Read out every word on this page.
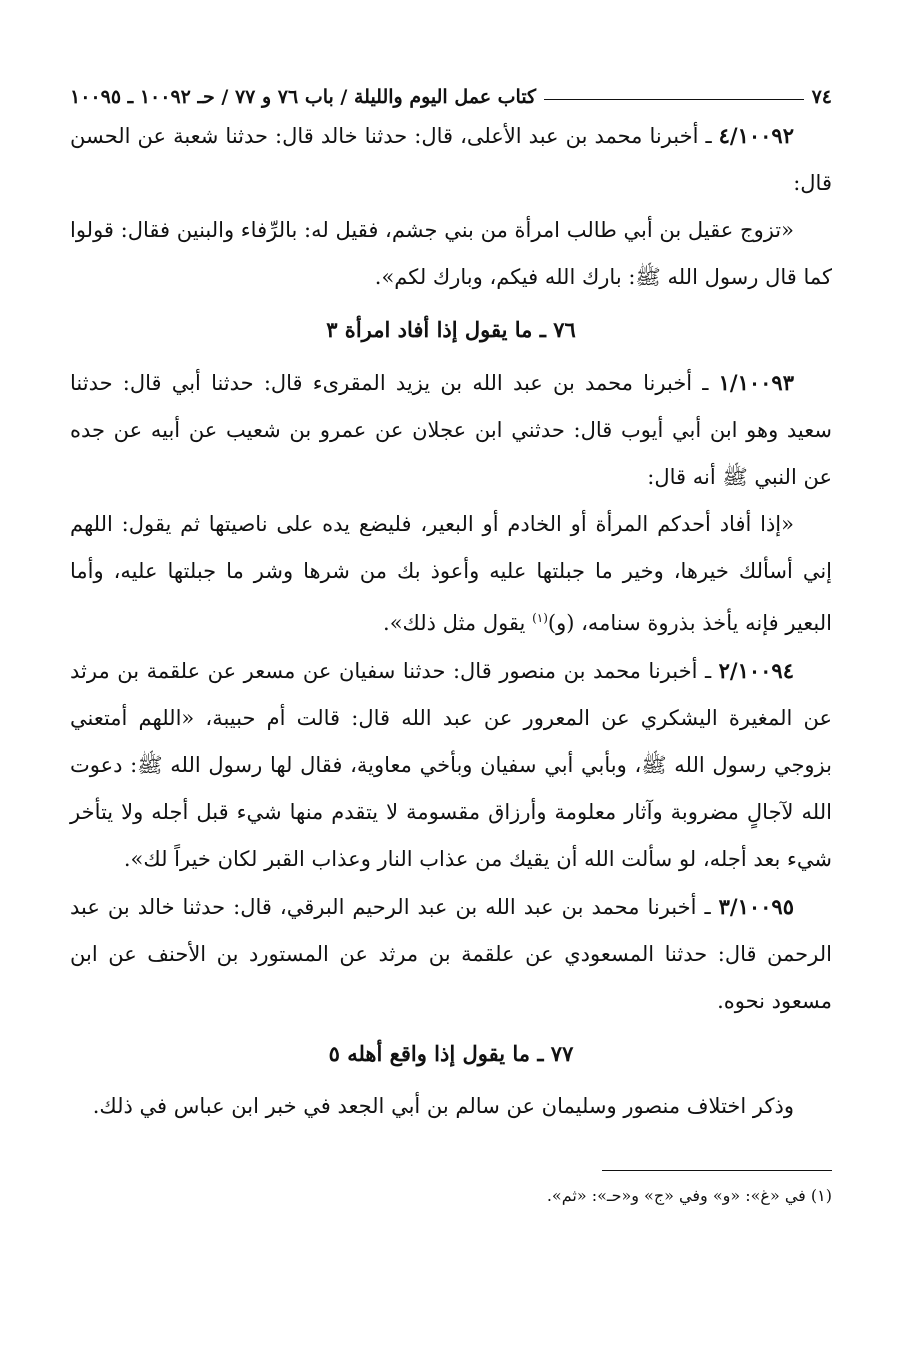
٧٤
كتاب عمل اليوم والليلة / باب ٧٦ و ٧٧ / حـ ١٠٠٩٢ ـ ١٠٠٩٥

٤/١٠٠٩٢ ـ أخبرنا محمد بن عبد الأعلى، قال: حدثنا خالد قال: حدثنا شعبة عن الحسن قال:

«تزوج عقيل بن أبي طالب امرأة من بني جشم، فقيل له: بالرِّفاء والبنين فقال: قولوا كما قال رسول الله ﷺ: بارك الله فيكم، وبارك لكم».

٧٦ ـ ما يقول إذا أفاد امرأة ٣

١/١٠٠٩٣ ـ أخبرنا محمد بن عبد الله بن يزيد المقرىء قال: حدثنا أبي قال: حدثنا سعيد وهو ابن أبي أيوب قال: حدثني ابن عجلان عن عمرو بن شعيب عن أبيه عن جده عن النبي ﷺ أنه قال:

«إذا أفاد أحدكم المرأة أو الخادم أو البعير، فليضع يده على ناصيتها ثم يقول: اللهم إني أسألك خيرها، وخير ما جبلتها عليه وأعوذ بك من شرها وشر ما جبلتها عليه، وأما البعير فإنه يأخذ بذروة سنامه، (و)$^{(١)}$ يقول مثل ذلك».

٢/١٠٠٩٤ ـ أخبرنا محمد بن منصور قال: حدثنا سفيان عن مسعر عن علقمة بن مرثد عن المغيرة اليشكري عن المعرور عن عبد الله قال: قالت أم حبيبة، «اللهم أمتعني بزوجي رسول الله ﷺ، وبأبي أبي سفيان وبأخي معاوية، فقال لها رسول الله ﷺ: دعوت الله لآجالٍ مضروبة وآثار معلومة وأرزاق مقسومة لا يتقدم منها شيء قبل أجله ولا يتأخر شيء بعد أجله، لو سألت الله أن يقيك من عذاب النار وعذاب القبر لكان خيراً لك».

٣/١٠٠٩٥ ـ أخبرنا محمد بن عبد الله بن عبد الرحيم البرقي، قال: حدثنا خالد بن عبد الرحمن قال: حدثنا المسعودي عن علقمة بن مرثد عن المستورد بن الأحنف عن ابن مسعود نحوه.

٧٧ ـ ما يقول إذا واقع أهله ٥

وذكر اختلاف منصور وسليمان عن سالم بن أبي الجعد في خبر ابن عباس في ذلك.

(١) في «غ»: «و» وفي «ج» و«حـ»: «ثم».
